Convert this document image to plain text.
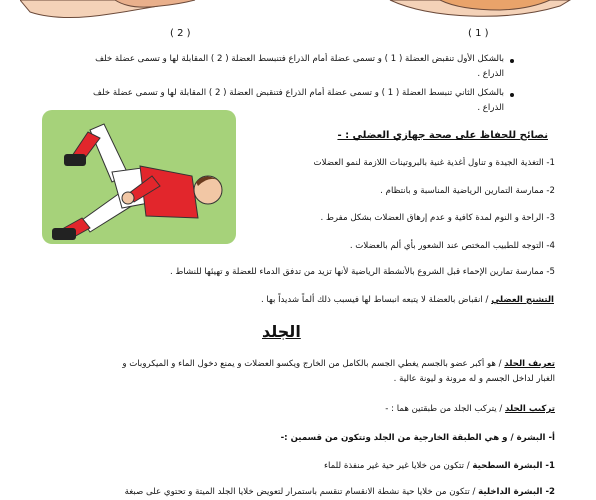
( 2 )	( 1 )
بالشكل الأول تنقبض العضلة ( 1 ) و تسمى عضلة أمام الذراع فتنبسط العضلة ( 2 ) المقابلة لها و تسمى عضلة خلف
الذراع .
بالشكل الثاني تنبسط العضلة ( 1 ) و تسمى عضلة أمام الذراع فتنقبض العضلة ( 2 ) المقابلة لها و تسمى عضلة خلف
الذراع .
نصائح للحفاظ على صحة جهازي العضلي : -
1- التغذية الجيدة و تناول أغذية غنية بالبروتينات اللازمة لنمو العضلات
2- ممارسة التمارين الرياضية المناسبة و بانتظام .
3- الراحة و النوم لمدة كافية و عدم إرهاق العضلات بشكل مفرط .
4- التوجه للطبيب المختص عند الشعور بأي ألم بالعضلات .
5- ممارسة تمارين الإحماء قبل الشروع بالأنشطة الرياضية لأنها تزيد من تدفق الدماء للعضلة و تهيئها للنشاط .
التشنج العضلي / انقباض بالعضلة لا يتبعه انبساط لها فيسبب ذلك ألماً شديداً بها .
الجلد
تعريف الجلد / هو أكبر عضو بالجسم يغطي الجسم بالكامل من الخارج ويكسو العضلات و يمنع دخول الماء و الميكروبات و
الغبار لداخل الجسم و له مرونة و ليونة عالية .
تركيب الجلد / يتركب الجلد من طبقتين هما : -
أ- البشرة / و هي الطبقة الخارجية من الجلد وتتكون من قسمين :-
1- البشرة السطحية / تتكون من خلايا غير حية غير منفذة للماء
2- البشرة الداخلية / تتكون من خلايا حية نشطة الانقسام تنقسم باستمرار لتعويض خلايا الجلد الميتة و تحتوي على صبغة
